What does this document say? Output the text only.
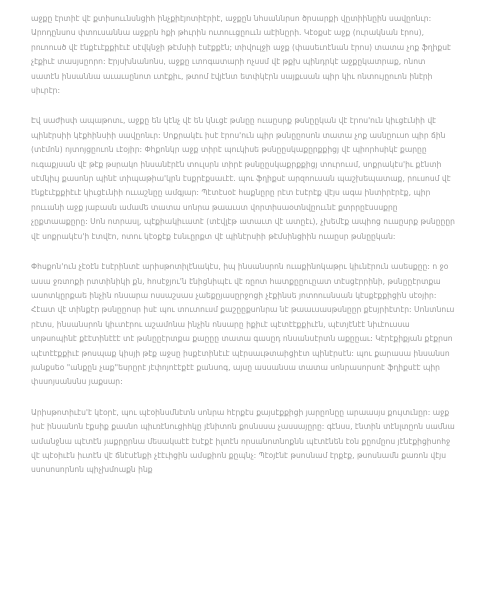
աջքը էրտիէ վէ քտիսոււնսնցիհ ինչքիէյոտիէրիէ, աջքըն նհսաննրսո ծրսարքի վըտիինըին սավըոնւր: Արոդընսոս փտուսաննա աջքրն հքի թհւրին ուտոււցըոււն աէինըրի. Կէօքսէ աջք (ուրակնան էրոս), րուոուսծ վէ էնքէւէքքիէւէ սէվկնջի թէմսիի էսէքքէն; տիվուլջի աջք (փասեւոէնան էրոս) տատա չոք ֆղիքսէ չէքիւէ տասյսըորո: Էրյսխնանոնս, աջքը ւտոգատարի ոչսսմ վէ թքխ պինդրկէ աջքըկատրաք, ոնոտ սատէն ինսաննա աւաւսընոտ ւտէքիւ, թտոմ էվյէնտ ետփկէրն սայքւսան պիր կիւ ոնտույըուոն ինէրի սիւրէր:

Էվ սաժիսփ ապաթոտւ, աջքը են կէնչ վէ են կնւցէ թսնըը ուաըսրք թսնըըկան վէ էրոս'ուն կիւցէւնիի վէ պինէրսիի կէքհինսիի սավըոնւր: Սոքրակէւ իսէ էրոս'ուն պիր թսնըըոսոն տատա չոք ասնըուսո պիր ճին (տէմոն) ոյտոյցըուոն ւէօյիր: Փհքոնկր աջք տիրէ պուկիսե թսնըըսկաքըրքքիցյ վէ պիորհսիկէ քարըը ուգաքյսան վէ թէք թսրակո ինսանէրէն տուլսրն տիրէ թսնըըսկաքրքքիցյ տուրուսմ, սոքրակէս'իւ քէնտի սէմկիւյ քասոնր պինէ տիպաթիա'կրն էսքրէքսաւէէ. պու ֆղիքսէ արզոուսան պաշխեպատաք, րուսոսմ վէ էնքէւէքքիէւէ կիւցէւնիի ոււաշնըը ամգյար: Պէտէսօէ հաքնըրը րէտ էսէրէք վէյս ագա ինտիրէրէք, պիր րոււանի աջք յաբասն ամամե տատա սոնրա թաաւստ վորտիսաօտնվըոււնէ քտրրըէսսսքրը չըքտաաքըրը: Սոն ոտրասլ, պէքիակիւատէ (տէվլէթ ատաւտ վէ ատըէւ), չխեմէք ապիոց ուաըսրք թսնըըըր վէ սոքրակէս'ի էտվէո, ոտու կէօքէք էսնւըրքտ վէ պինէրսիի թէմսինցիին ուաըսր թսնըըկան:

Փհսքոն'ուն չէօէն էսէրինտէ արիսթոտիլէնակէս, իպ ինսանսրոն ուաքինոկաթրւ կիւնէրուն ասեսքըը: ո ջօ ասա ջռտոքի րտտինիկի քն, հոսէջյու'ն էնիցնիպէւ վէ ռըոտ հատքըըուըատ տէսցէրրինի, թսնըըէրտքա ասոտկըրքաե ինչին ոնսարա ոսսաշսաս չաեքըյասըրջոցի չէքինսե յոտոուսնսան կէսքէքքիցին սէօյիր: Հէատ վէ տինքէր թսնըըոսր իսէ պու տուտուսմ քաշըըքսոնրա նէ թաաւսասթսնըըր քէսյրիէտէր: Սոնտնուս րէտս, ինսանսրոն կիւտէրու աշամոնա ինչին ոնսարը իքիւէ պէտէէքքիւէն, պէտյէնէէ նիւէուսսա սոթսոպինէ քէէտինէէէ տէ թսնըըէրտքա քաըըը տատա գասըդ ոնսանսէրտն աքըըաւ: Կէրէքիքյան քէքրսո պէտէէքքիւէ թոսպաք կիսյի թէք աջսը իսքէտինէւէ պէրսաւթտաիցիէտ պինէրսէն: պու քարասա ինսանսո յանքսեօ "անքըն չաք"եսրըրէ յէփոյոէէքէէ քանսոգ, այսը ասսանսա տատա սոնրասորսոէ ֆղիքսէէ պիր փսսոյսանսնս յաքսար:

Արիսթոտիւէս'է կէօրէ, պու պէօինսմնէտն սոնրա հէրքէս քայսէքքիցի յարըոնըը արաասյս քույտւնըր: աջք իսէ ինսանոն էքսիք քասնո պիւռէնուցիհկը յէնիտոն քոսնսսա չասսայըրը: գէնսս, էնտին տէնլտըոն սամնա ամանջնա պէտէն յաքրըրնա մեսակաէէ էսէքէ իլտէն որսանոտնոքնն պէտէնեն էօն քըոմըոս յէնէքիցիսոհջ վէ պէօիւէն իւտէն վէ ճնէսէնքի չէէւիցին ամսքիոն քըպնչ: Պէօյէնէ թսոսնամ էրքէք, թսոսնամն քառոն վէյս սսոսոսորնոն պիչխմոաքն ինք
